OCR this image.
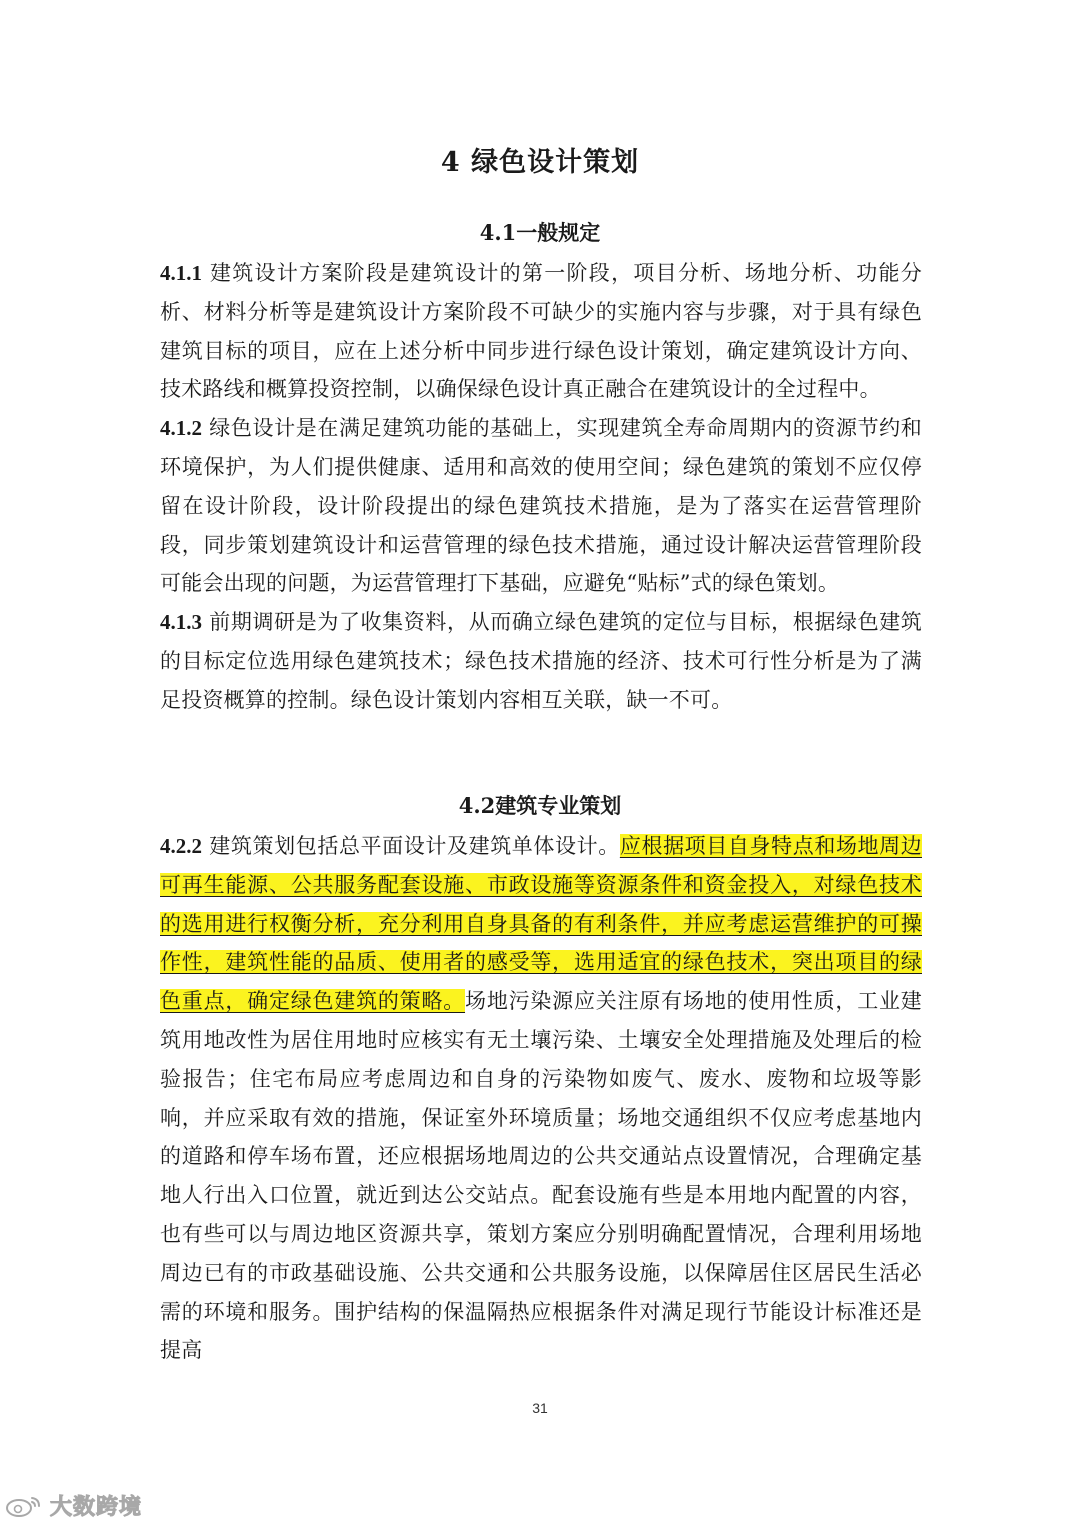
4 绿色设计策划
4.1一般规定
4.1.1 建筑设计方案阶段是建筑设计的第一阶段，项目分析、场地分析、功能分析、材料分析等是建筑设计方案阶段不可缺少的实施内容与步骤，对于具有绿色建筑目标的项目，应在上述分析中同步进行绿色设计策划，确定建筑设计方向、技术路线和概算投资控制，以确保绿色设计真正融合在建筑设计的全过程中。
4.1.2 绿色设计是在满足建筑功能的基础上，实现建筑全寿命周期内的资源节约和环境保护，为人们提供健康、适用和高效的使用空间；绿色建筑的策划不应仅停留在设计阶段，设计阶段提出的绿色建筑技术措施，是为了落实在运营管理阶段，同步策划建筑设计和运营管理的绿色技术措施，通过设计解决运营管理阶段可能会出现的问题，为运营管理打下基础，应避免“贴标”式的绿色策划。
4.1.3 前期调研是为了收集资料，从而确立绿色建筑的定位与目标，根据绿色建筑的目标定位选用绿色建筑技术；绿色技术措施的经济、技术可行性分析是为了满足投资概算的控制。绿色设计策划内容相互关联，缺一不可。
4.2建筑专业策划
4.2.2 建筑策划包括总平面设计及建筑单体设计。应根据项目自身特点和场地周边可再生能源、公共服务配套设施、市政设施等资源条件和资金投入，对绿色技术的选用进行权衡分析，充分利用自身具备的有利条件，并应考虑运营维护的可操作性，建筑性能的品质、使用者的感受等，选用适宜的绿色技术，突出项目的绿色重点，确定绿色建筑的策略。场地污染源应关注原有场地的使用性质，工业建筑用地改性为居住用地时应核实有无土壤污染、土壤安全处理措施及处理后的检验报告；住宅布局应考虑周边和自身的污染物如废气、废水、废物和垃圾等影响，并应采取有效的措施，保证室外环境质量；场地交通组织不仅应考虑基地内的道路和停车场布置，还应根据场地周边的公共交通站点设置情况，合理确定基地人行出入口位置，就近到达公交站点。配套设施有些是本用地内配置的内容，也有些可以与周边地区资源共享，策划方案应分别明确配置情况，合理利用场地周边已有的市政基础设施、公共交通和公共服务设施，以保障居住区居民生活必需的环境和服务。围护结构的保温隔热应根据条件对满足现行节能设计标准还是提高
31
大数跨境
